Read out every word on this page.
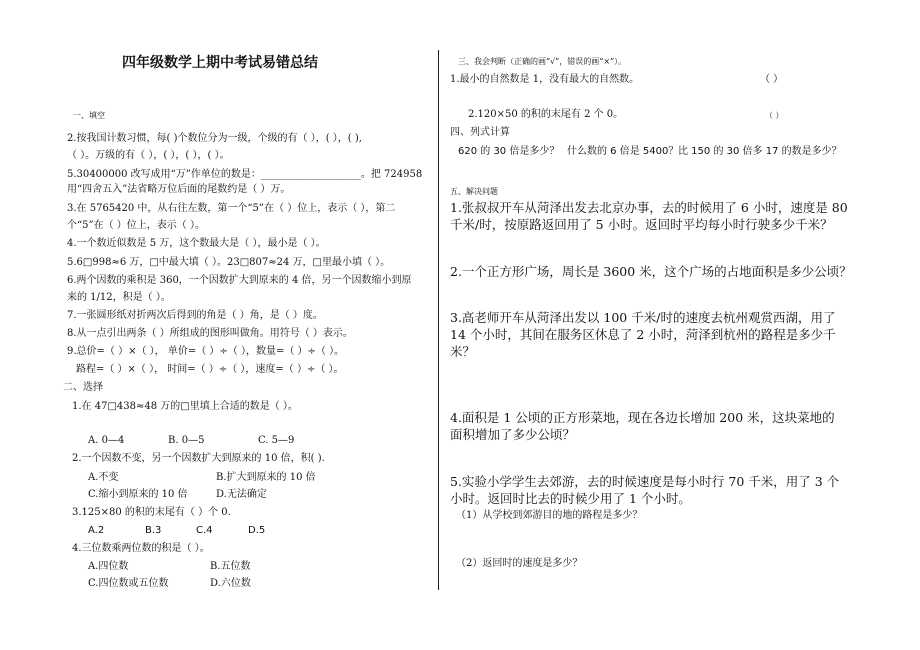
四年级数学上期中考试易错总结
一、填空
2.按我国计数习惯，每( )个数位分为一级，个级的有（ ），( ），( ),
（ ）。万级的有（ ），( ），( ），( ）。
5.30400000 改写成用“万”作单位的数是：____________________。把 724958
用“四舍五入”法省略万位后面的尾数约是（ ）万。
3.在 5765420 中，从右往左数，第一个“5”在（ ）位上，表示（ ），第二
个“5”在（ ）位上，表示（ ）。
4.一个数近似数是 5 万，这个数最大是（ ），最小是（ ）。
5.6□998≈6 万，□中最大填（ ）。23□807≈24 万，□里最小填（ ）。
6.两个因数的乘积是 360，一个因数扩大到原来的 4 倍，另一个因数缩小到原
来的 1/12，积是（ ）。
7.一张圆形纸对折两次后得到的角是（ ）角，是（ ）度。
8.从一点引出两条（ ）所组成的图形叫做角。用符号（ ）表示。
9.总价=（ ）×（ ）， 单价=（ ）÷（ ），数量=（ ）÷（ ）。
路程=（ ）×（ ）， 时间=（ ）÷（ ），速度=（ ）÷（ ）。
二、选择
1.在 47□438≈48 万的□里填上合适的数是（ ）。
A. 0—4	B. 0—5	C. 5—9
2.一个因数不变，另一个因数扩大到原来的 10 倍，积( ).
A.不变	B.扩大到原来的 10 倍
C.缩小到原来的 10 倍	D.无法确定
3.125×80 的积的末尾有（ ）个 0.
A.2	B.3	C.4	D.5
4.三位数乘两位数的积是（ ）。
A.四位数	B.五位数
C.四位数或五位数	D.六位数
三、我会判断（正确的画“√”，错误的画“×”）。
1.最小的自然数是 1，没有最大的自然数。	（ ）
2.120×50 的积的末尾有 2 个 0。	（ ）
四、列式计算
620 的 30 倍是多少？ 什么数的 6 倍是 5400？ 比 150 的 30 倍多 17 的数是多少？
五、解决问题
1.张叔叔开车从菏泽出发去北京办事，去的时候用了 6 小时，速度是 80
千米/时，按原路返回用了 5 小时。返回时平均每小时行驶多少千米？
2.一个正方形广场，周长是 3600 米，这个广场的占地面积是多少公顷？
3.高老师开车从菏泽出发以 100 千米/时的速度去杭州观赏西湖，用了
14 个小时，其间在服务区休息了 2 小时，菏泽到杭州的路程是多少千
米？
4.面积是 1 公顷的正方形菜地，现在各边长增加 200 米，这块菜地的
面积增加了多少公顷？
5.实验小学学生去郊游，去的时候速度是每小时行 70 千米，用了 3 个
小时。返回时比去的时候少用了 1 个小时。
（1）从学校到郊游目的地的路程是多少？
（2）返回时的速度是多少？
